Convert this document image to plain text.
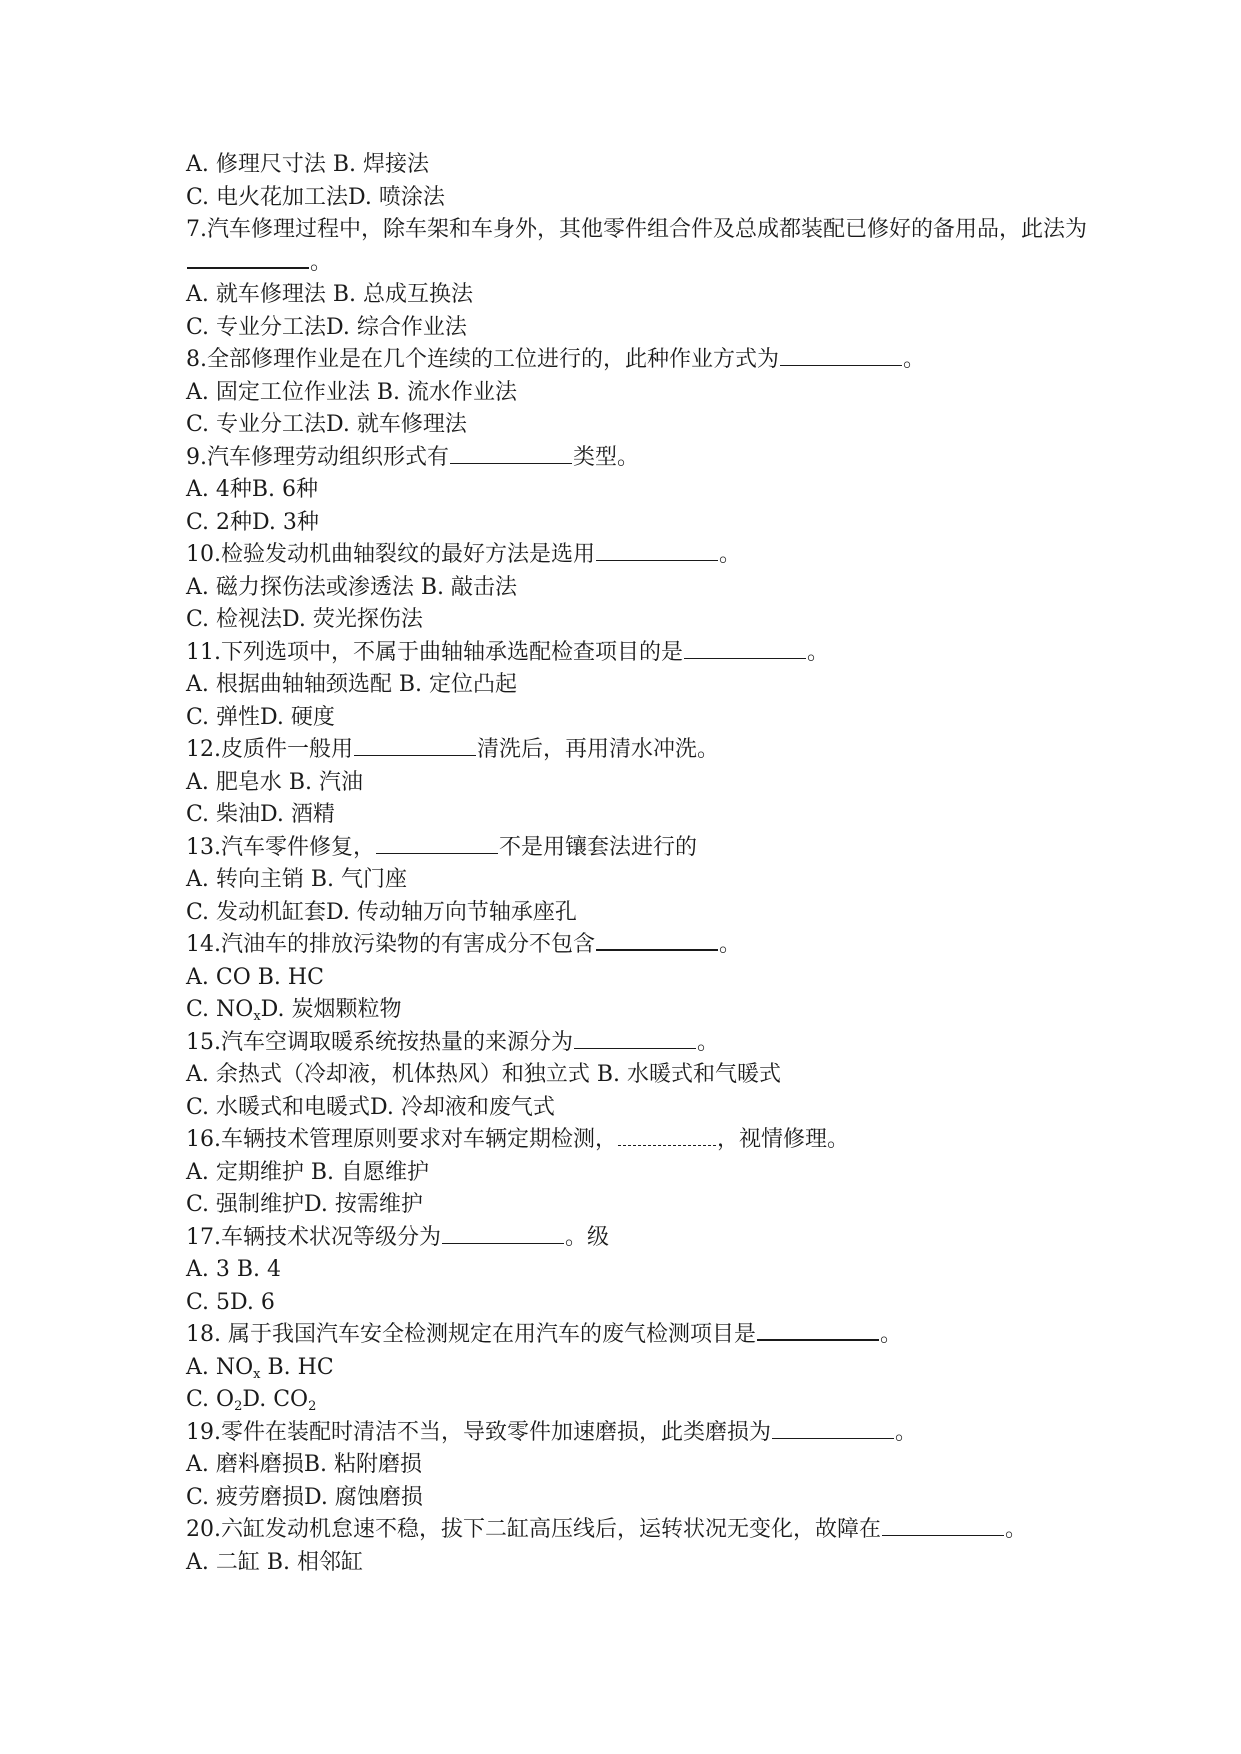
A. 修理尺寸法 B. 焊接法
C. 电火花加工法D. 喷涂法
7.汽车修理过程中，除车架和车身外，其他零件组合件及总成都装配已修好的备用品，此法为。
A. 就车修理法 B. 总成互换法
C. 专业分工法D. 综合作业法
8.全部修理作业是在几个连续的工位进行的，此种作业方式为	。
A. 固定工位作业法 B. 流水作业法
C. 专业分工法D. 就车修理法
9.汽车修理劳动组织形式有	类型。
A. 4种B. 6种
C. 2种D. 3种
10.检验发动机曲轴裂纹的最好方法是选用	。
A. 磁力探伤法或渗透法 B. 敲击法
C. 检视法D. 荧光探伤法
11.下列选项中，不属于曲轴轴承选配检查项目的是	。
A. 根据曲轴轴颈选配 B. 定位凸起
C. 弹性D. 硬度
12.皮质件一般用	清洗后，再用清水冲洗。
A. 肥皂水 B. 汽油
C. 柴油D. 酒精
13.汽车零件修复，	不是用镶套法进行的
A. 转向主销 B. 气门座
C. 发动机缸套D. 传动轴万向节轴承座孔
14.汽油车的排放污染物的有害成分不包含	。
A. CO B. HC
C. $NO_xD$. 炭烟颗粒物
15.汽车空调取暖系统按热量的来源分为	。
A. 余热式（冷却液，机体热风）和独立式 B. 水暖式和气暖式
C. 水暖式和电暖式D. 冷却液和废气式
16.车辆技术管理原则要求对车辆定期检测，	，视情修理。
A. 定期维护 B. 自愿维护
C. 强制维护D. 按需维护
17.车辆技术状况等级分为	。级
A. 3 B. 4
C. 5D. 6
18. 属于我国汽车安全检测规定在用汽车的废气检测项目是	。
A. $NO_x$ B. HC
C. $O_2D$. $CO_2$
19.零件在装配时清洁不当，导致零件加速磨损，此类磨损为	。
A. 磨料磨损B. 粘附磨损
C. 疲劳磨损D. 腐蚀磨损
20.六缸发动机怠速不稳，拔下二缸高压线后，运转状况无变化，故障在	。
A. 二缸 B. 相邻缸
